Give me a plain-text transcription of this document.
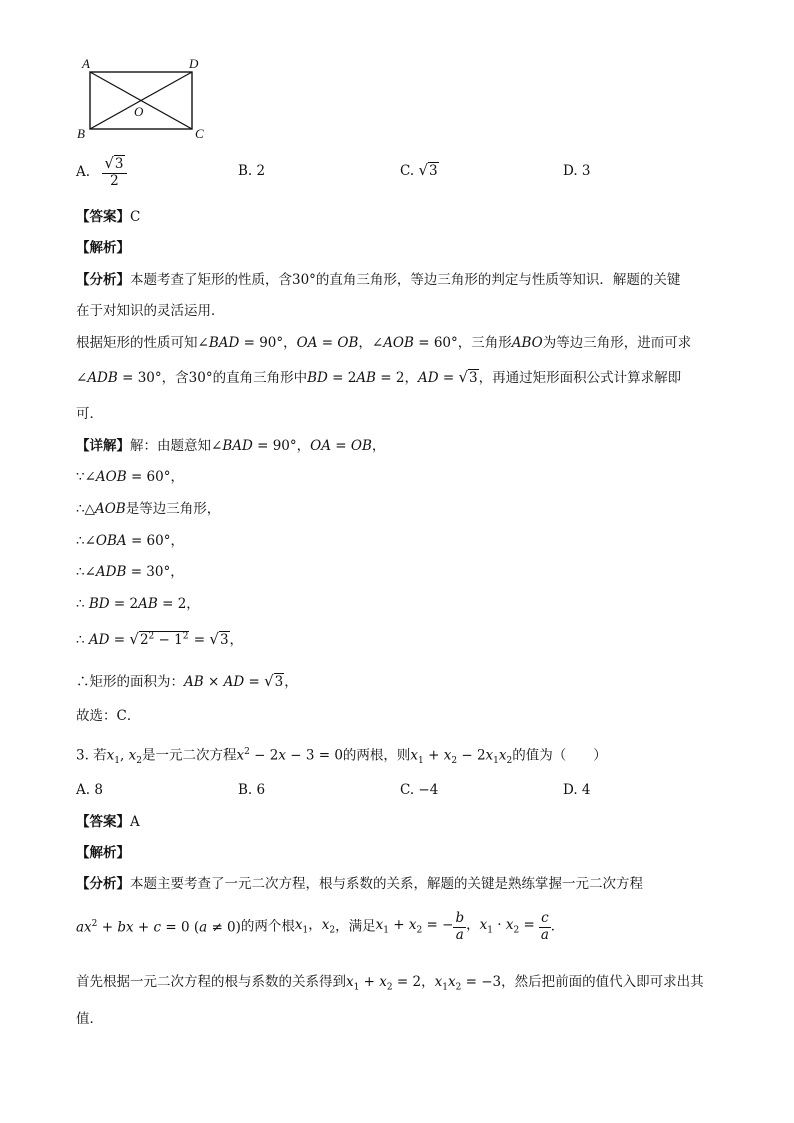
A	D
O
B	C
A. $\frac{√3}{2}$	B. 2	C. √3	D. 3
【答案】C
【解析】
【分析】本题考查了矩形的性质，含30°的直角三角形，等边三角形的判定与性质等知识．解题的关键
在于对知识的灵活运用．
根据矩形的性质可知∠BAD = 90°，OA = OB，∠AOB = 60°，三角形ABO为等边三角形，进而可求
∠ADB = 30°，含30°的直角三角形中BD = 2AB = 2，AD = √3，再通过矩形面积公式计算求解即
可．
【详解】解：由题意知∠BAD = 90°，OA = OB，
∵∠AOB = 60°，
∴△AOB是等边三角形，
∴∠OBA = 60°，
∴∠ADB = 30°，
∴ BD = 2AB = 2，
∴ AD = $√2^2 - 1^2 = √3$，
∴矩形的面积为：AB × AD = √3，
故选：C．
3. 若$x_1$, $x_2$是一元二次方程$x^2 - 2x - 3 = 0$的两根，则$x_1 + x_2 - 2x_1x_2$的值为（　　）
A. 8	B. 6	C. −4	D. 4
【答案】A
【解析】
【分析】本题主要考查了一元二次方程，根与系数的关系，解题的关键是熟练掌握一元二次方程
$ax^2$ + bx + c = 0 (a ≠ 0)的两个根$x_1$，$x_2$，满足$x_1 + x_2$ = − $\frac{b}{a}$ ，$x_1 \cdot x_2 = \frac{c}{a}$ ．
首先根据一元二次方程的根与系数的关系得到$x_1 + x_2 = 2$，$x_1x_2 = -3$，然后把前面的值代入即可求出其
值．
